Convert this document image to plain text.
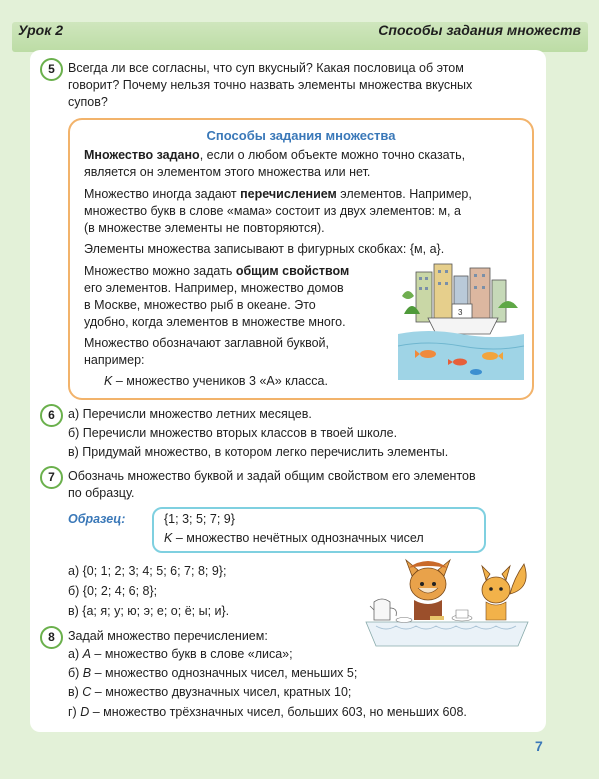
Урок 2	Способы задания множеств
5	Всегда ли все согласны, что суп вкусный? Какая пословица об этом
говорит? Почему нельзя точно назвать элементы множества вкусных
супов?
Способы задания множества
Множество задано, если о любом объекте можно точно сказать,
является он элементом этого множества или нет.
Множество иногда задают перечислением элементов. Например,
множество букв в слове «мама» состоит из двух элементов: м, а
(в множестве элементы не повторяются).
Элементы множества записывают в фигурных скобках: {м, а}.
Множество можно задать общим свойством
его элементов. Например, множество домов
в Москве, множество рыб в океане. Это
удобно, когда элементов в множестве много.
Множество обозначают заглавной буквой,
например:
K – множество учеников 3 «А» класса.
3
6	а) Перечисли множество летних месяцев.
б) Перечисли множество вторых классов в твоей школе.
в) Придумай множество, в котором легко перечислить элементы.
7	Обозначь множество буквой и задай общим свойством его элементов
по образцу.
Образец:	{1; 3; 5; 7; 9}
K – множество нечётных однозначных чисел
а) {0; 1; 2; 3; 4; 5; 6; 7; 8; 9};
б) {0; 2; 4; 6; 8};
в) {а; я; у; ю; э; е; о; ё; ы; и}.
8	Задай множество перечислением:
а) A – множество букв в слове «лиса»;
б) B – множество однозначных чисел, меньших 5;
в) C – множество двузначных чисел, кратных 10;
г) D – множество трёхзначных чисел, больших 603, но меньших 608.
7
